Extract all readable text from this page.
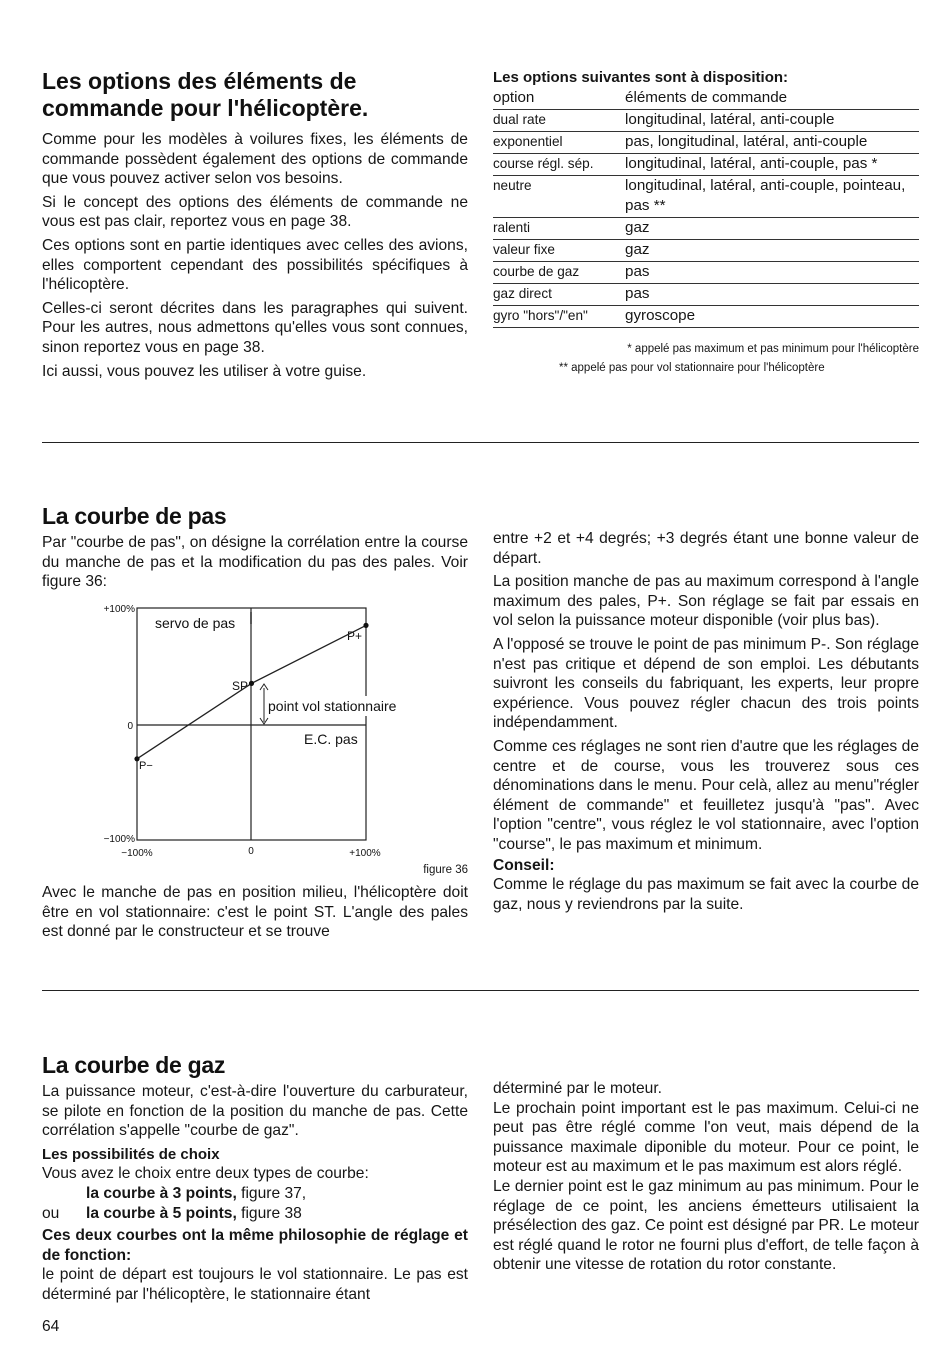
Les options des éléments de
commande pour l'hélicoptère.

Comme pour les modèles à voilures fixes, les éléments de commande possèdent également des options de commande que vous pouvez activer selon vos besoins.

Si le concept des options des éléments de commande ne vous est pas clair, reportez vous en page 38.

Ces options sont en partie identiques avec celles des avions, elles comportent cependant des possibilités spécifiques à l'hélicoptère.

Celles-ci seront décrites dans les paragraphes qui suivent. Pour les autres, nous admettons qu'elles vous sont connues, sinon reportez vous en page 38.

Ici aussi, vous pouvez les utiliser à votre guise.

Les options suivantes sont à disposition:
option	éléments de commande
dual rate	longitudinal, latéral, anti-couple
exponentiel	pas, longitudinal, latéral, anti-couple
course régl. sép.	longitudinal, latéral, anti-couple, pas *
neutre	longitudinal, latéral, anti-couple, pointeau, pas **
ralenti	gaz
valeur fixe	gaz
courbe de gaz	pas
gaz direct	pas
gyro "hors"/"en"	gyroscope
* appelé pas maximum et pas minimum pour l'hélicoptère
** appelé pas pour vol stationnaire pour l'hélicoptère
La courbe de pas

Par "courbe de pas", on désigne la corrélation entre la course du manche de pas et la modification du pas des pales. Voir figure 36:

+100%
0
−100%
−100%	0	+100%
servo de pas
P+
SP
point vol stationnaire
E.C. pas
P−
figure 36

Avec le manche de pas en position milieu, l'hélicoptère doit être en vol stationnaire: c'est le point ST. L'angle des pales est donné par le constructeur et se trouve

entre +2 et +4 degrés; +3 degrés étant une bonne valeur de départ.

La position manche de pas au maximum correspond à l'angle maximum des pales, P+. Son réglage se fait par essais en vol selon la puissance moteur disponible (voir plus bas).

A l'opposé se trouve le point de pas minimum P-. Son réglage n'est pas critique et dépend de son emploi. Les débutants suivront les conseils du fabriquant, les experts, leur propre expérience. Vous pouvez régler chacun des trois points indépendamment.

Comme ces réglages ne sont rien d'autre que les réglages de centre et de course, vous les trouverez sous ces dénominations dans le menu. Pour celà, allez au menu"régler élément de commande" et feuilletez jusqu'à "pas". Avec l'option "centre", vous réglez le vol stationnaire, avec l'option "course", le pas maximum et minimum.

Conseil:

Comme le réglage du pas maximum se fait avec la courbe de gaz, nous y reviendrons par la suite.

La courbe de gaz

La puissance moteur, c'est-à-dire l'ouverture du carburateur, se pilote en fonction de la position du manche de pas. Cette corrélation s'appelle "courbe de gaz".

Les possibilités de choix
Vous avez le choix entre deux types de courbe:
la courbe à 3 points, figure 37,
ou la courbe à 5 points, figure 38

Ces deux courbes ont la même philosophie de réglage et de fonction:

le point de départ est toujours le vol stationnaire. Le pas est déterminé par l'hélicoptère, le stationnaire étant

déterminé par le moteur.

Le prochain point important est le pas maximum. Celui-ci ne peut pas être réglé comme l'on veut, mais dépend de la puissance maximale diponible du moteur. Pour ce point, le moteur est au maximum et le pas maximum est alors réglé.

Le dernier point est le gaz minimum au pas minimum. Pour le réglage de ce point, les anciens émetteurs utilisaient la présélection des gaz. Ce point est désigné par PR. Le moteur est réglé quand le rotor ne fourni plus d'effort, de telle façon à obtenir une vitesse de rotation du rotor constante.

64
